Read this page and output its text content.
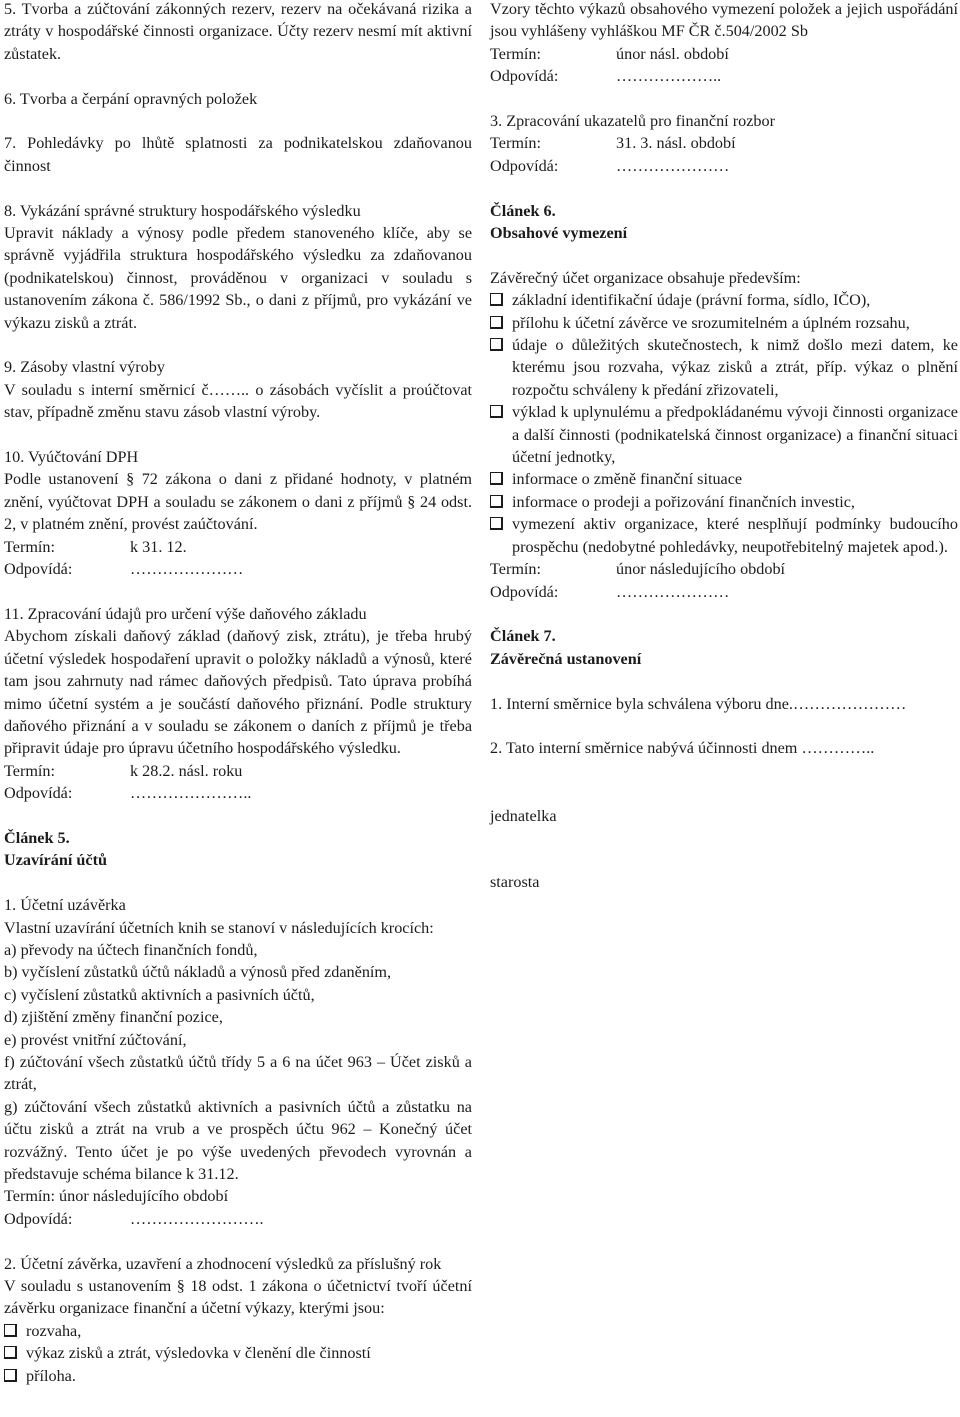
5. Tvorba a zúčtování zákonných rezerv, rezerv na očekávaná rizika a ztráty v hospodářské činnosti organizace. Účty rezerv nesmí mít aktivní zůstatek.

6. Tvorba a čerpání opravných položek

7. Pohledávky po lhůtě splatnosti za podnikatelskou zdaňovanou činnost

8. Vykázání správné struktury hospodářského výsledku

Upravit náklady a výnosy podle předem stanoveného klíče, aby se správně vyjádřila struktura hospodářského výsledku za zdaňovanou (podnikatelskou) činnost, prováděnou v organizaci v souladu s ustanovením zákona č. 586/1992 Sb., o dani z příjmů, pro vykázání ve výkazu zisků a ztrát.

9. Zásoby vlastní výroby

V souladu s interní směrnicí č…….. o zásobách vyčíslit a proúčtovat stav, případně změnu stavu zásob vlastní výroby.

10. Vyúčtování DPH

Podle ustanovení § 72 zákona o dani z přidané hodnoty, v platném znění, vyúčtovat DPH a souladu se zákonem o dani z příjmů § 24 odst. 2, v platném znění, provést zaúčtování.

Termín:	k 31. 12.
Odpovídá:	…………………

11. Zpracování údajů pro určení výše daňového základu

Abychom získali daňový základ (daňový zisk, ztrátu), je třeba hrubý účetní výsledek hospodaření upravit o položky nákladů a výnosů, které tam jsou zahrnuty nad rámec daňových předpisů. Tato úprava probíhá mimo účetní systém a je součástí daňového přiznání. Podle struktury daňového přiznání a v souladu se zákonem o daních z příjmů je třeba připravit údaje pro úpravu účetního hospodářského výsledku.

Termín:	k 28.2. násl. roku
Odpovídá:	…………………..

Článek 5.

Uzavírání účtů

1. Účetní uzávěrka

Vlastní uzavírání účetních knih se stanoví v následujících krocích:

a) převody na účtech finančních fondů,

b) vyčíslení zůstatků účtů nákladů a výnosů před zdaněním,

c) vyčíslení zůstatků aktivních a pasivních účtů,

d) zjištění změny finanční pozice,

e) provést vnitřní zúčtování,

f) zúčtování všech zůstatků účtů třídy 5 a 6 na účet 963 – Účet zisků a ztrát,

g) zúčtování všech zůstatků aktivních a pasivních účtů a zůstatku na účtu zisků a ztrát na vrub a ve prospěch účtu 962 – Konečný účet rozvážný. Tento účet je po výše uvedených převodech vyrovnán a představuje schéma bilance k 31.12.

Termín: únor následujícího období

Odpovídá:	…………………….

2. Účetní závěrka, uzavření a zhodnocení výsledků za příslušný rok

V souladu s ustanovením § 18 odst. 1 zákona o účetnictví tvoří účetní závěrku organizace finanční a účetní výkazy, kterými jsou:

rozvaha,
výkaz zisků a ztrát, výsledovka v členění dle činností
příloha.

Vzory těchto výkazů obsahového vymezení položek a jejich uspořádání jsou vyhlášeny vyhláškou MF ČR č.504/2002 Sb

Termín:	únor násl. období
Odpovídá:	………………..

3. Zpracování ukazatelů pro finanční rozbor

Termín:	31. 3. násl. období
Odpovídá:	…………………

Článek 6.

Obsahové vymezení

Závěrečný účet organizace obsahuje především:

základní identifikační údaje (právní forma, sídlo, IČO),
přílohu k účetní závěrce ve srozumitelném a úplném rozsahu,
údaje o důležitých skutečnostech, k nimž došlo mezi datem, ke kterému jsou rozvaha, výkaz zisků a ztrát, příp. výkaz o plnění rozpočtu schváleny k předání zřizovateli,
výklad k uplynulému a předpokládanému vývoji činnosti organizace a další činnosti (podnikatelská činnost organizace) a finanční situaci účetní jednotky,
informace o změně finanční situace
informace o prodeji a pořizování finančních investic,
vymezení aktiv organizace, které nesplňují podmínky budoucího prospěchu (nedobytné pohledávky, neupotřebitelný majetek apod.).
Termín:	únor následujícího období
Odpovídá:	…………………

Článek 7.

Závěrečná ustanovení

1. Interní směrnice byla schválena výboru dne.…………………

2. Tato interní směrnice nabývá účinnosti dnem …………..

jednatelka

starosta
